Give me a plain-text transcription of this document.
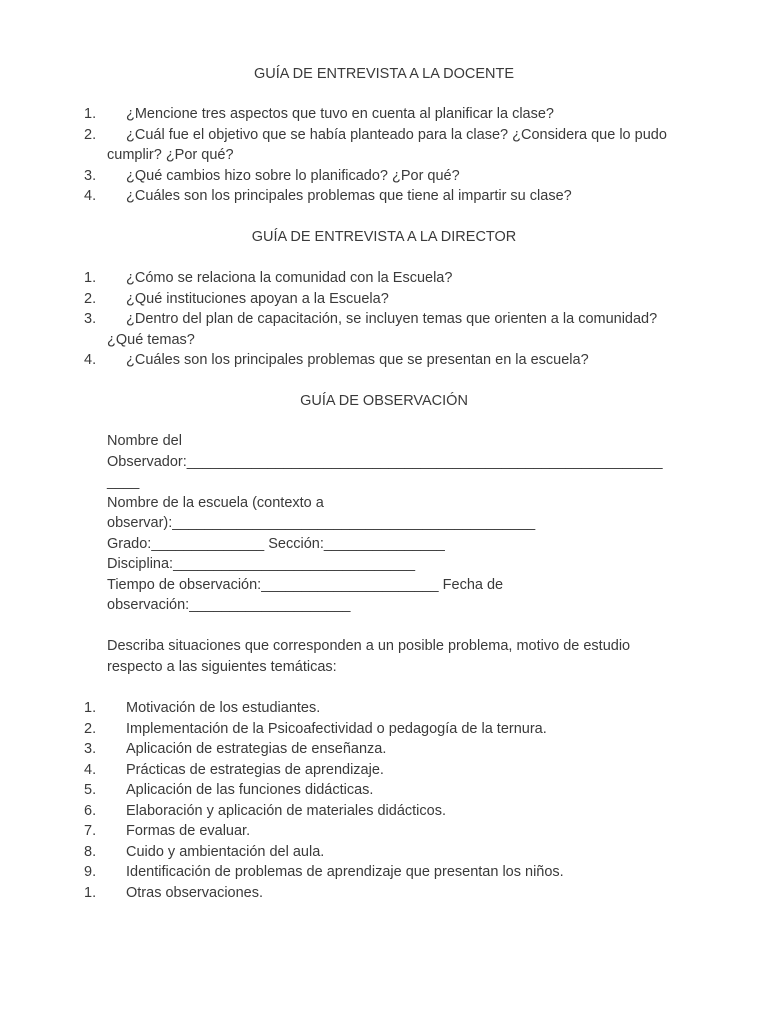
GUÍA DE ENTREVISTA A LA DOCENTE
1.	¿Mencione tres aspectos que tuvo en cuenta al planificar la clase?
2.	¿Cuál fue el objetivo que se había planteado para la clase? ¿Considera que lo pudo cumplir? ¿Por qué?
3.	¿Qué cambios hizo sobre lo planificado? ¿Por qué?
4.	¿Cuáles son los principales problemas que tiene al impartir su clase?
GUÍA DE ENTREVISTA A LA DIRECTOR
1.	¿Cómo se relaciona la comunidad con la Escuela?
2.	¿Qué instituciones apoyan a la Escuela?
3.	¿Dentro del plan de capacitación, se incluyen temas que orienten a la comunidad? ¿Qué temas?
4.	¿Cuáles son los principales problemas que se presentan en la escuela?
GUÍA DE OBSERVACIÓN
Nombre del
Observador:___________________________________________________________
____
Nombre de la escuela (contexto a
observar):_____________________________________________
Grado:______________ Sección:_______________
Disciplina:______________________________
Tiempo de observación:______________________ Fecha de
observación:____________________
Describa situaciones que corresponden a un posible problema, motivo de estudio respecto a las siguientes temáticas:
1.	Motivación de los estudiantes.
2.	Implementación de la Psicoafectividad o pedagogía de la ternura.
3.	Aplicación de estrategias de enseñanza.
4.	Prácticas de estrategias de aprendizaje.
5.	Aplicación de las funciones didácticas.
6.	Elaboración y aplicación de materiales didácticos.
7.	Formas de evaluar.
8.	Cuido y ambientación del aula.
9.	Identificación de problemas de aprendizaje que presentan los niños.
1.	Otras observaciones.
